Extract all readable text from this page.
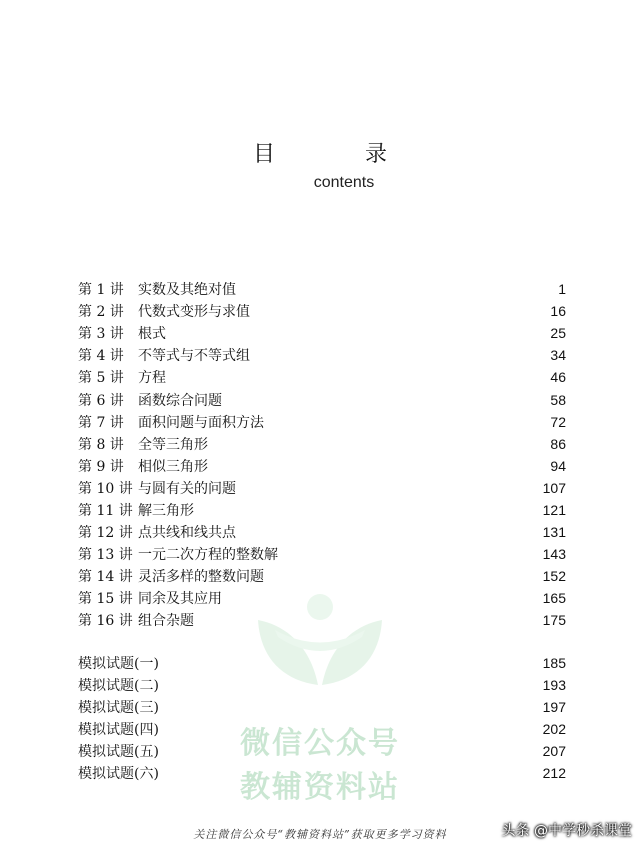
目　录
contents
微信公众号
教辅资料站
第 1 讲	实数及其绝对值	1
第 2 讲	代数式变形与求值	16
第 3 讲	根式	25
第 4 讲	不等式与不等式组	34
第 5 讲	方程	46
第 6 讲	函数综合问题	58
第 7 讲	面积问题与面积方法	72
第 8 讲	全等三角形	86
第 9 讲	相似三角形	94
第 10 讲 与圆有关的问题	107
第 11 讲 解三角形	121
第 12 讲 点共线和线共点	131
第 13 讲 一元二次方程的整数解	143
第 14 讲 灵活多样的整数问题	152
第 15 讲 同余及其应用	165
第 16 讲 组合杂题	175
模拟试题(一)	185
模拟试题(二)	193
模拟试题(三)	197
模拟试题(四)	202
模拟试题(五)	207
模拟试题(六)	212
关注微信公众号“教辅资料站”获取更多学习资料	头条 @中学秒杀课堂
